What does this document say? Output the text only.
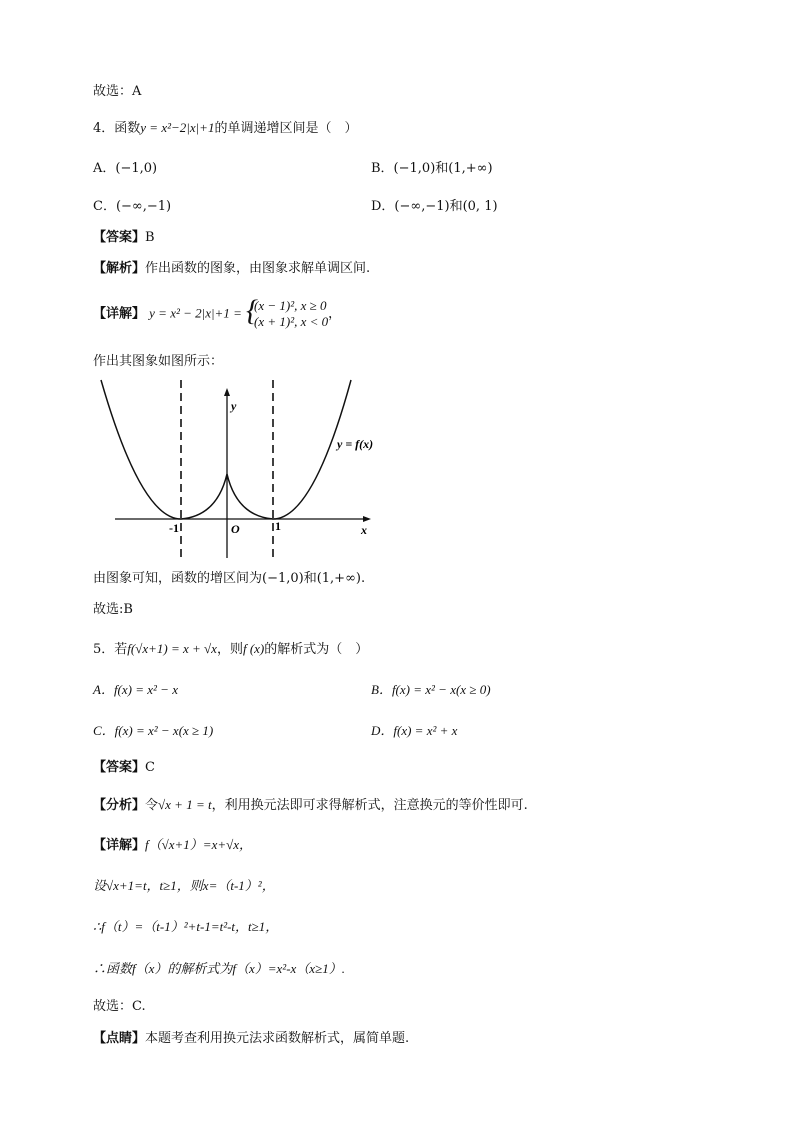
故选：A
4．函数y = x²−2|x|+1的单调递增区间是（　）
A．(−1,0)	B．(−1,0)和(1,+∞)
C．(−∞,−1)	D．(−∞,−1)和(0, 1)
【答案】B
【解析】作出函数的图象，由图象求解单调区间.
【详解】 y = x² − 2|x|+1 =
{ (x − 1)², x ≥ 0
(x + 1)², x < 0 ，
作出其图象如图所示：
y
x
O
-1	1
y = f(x)
由图象可知，函数的增区间为(−1,0)和(1,+∞).
故选:B
5．若f(√x+1) = x + √x，则f (x)的解析式为（　）
A．f(x) = x² − x	B．f(x) = x² − x(x ≥ 0)
C．f(x) = x² − x(x ≥ 1)	D．f(x) = x² + x
【答案】C
【分析】令√x + 1 = t，利用换元法即可求得解析式，注意换元的等价性即可.
【详解】f（√x+1）=x+√x，
设√x+1=t，t≥1，则x=（t-1）²，
∴f（t）=（t-1）²+t-1=t²-t，t≥1，
∴函数f（x）的解析式为f（x）=x²-x（x≥1）.
故选：C.
【点睛】本题考查利用换元法求函数解析式，属简单题.
